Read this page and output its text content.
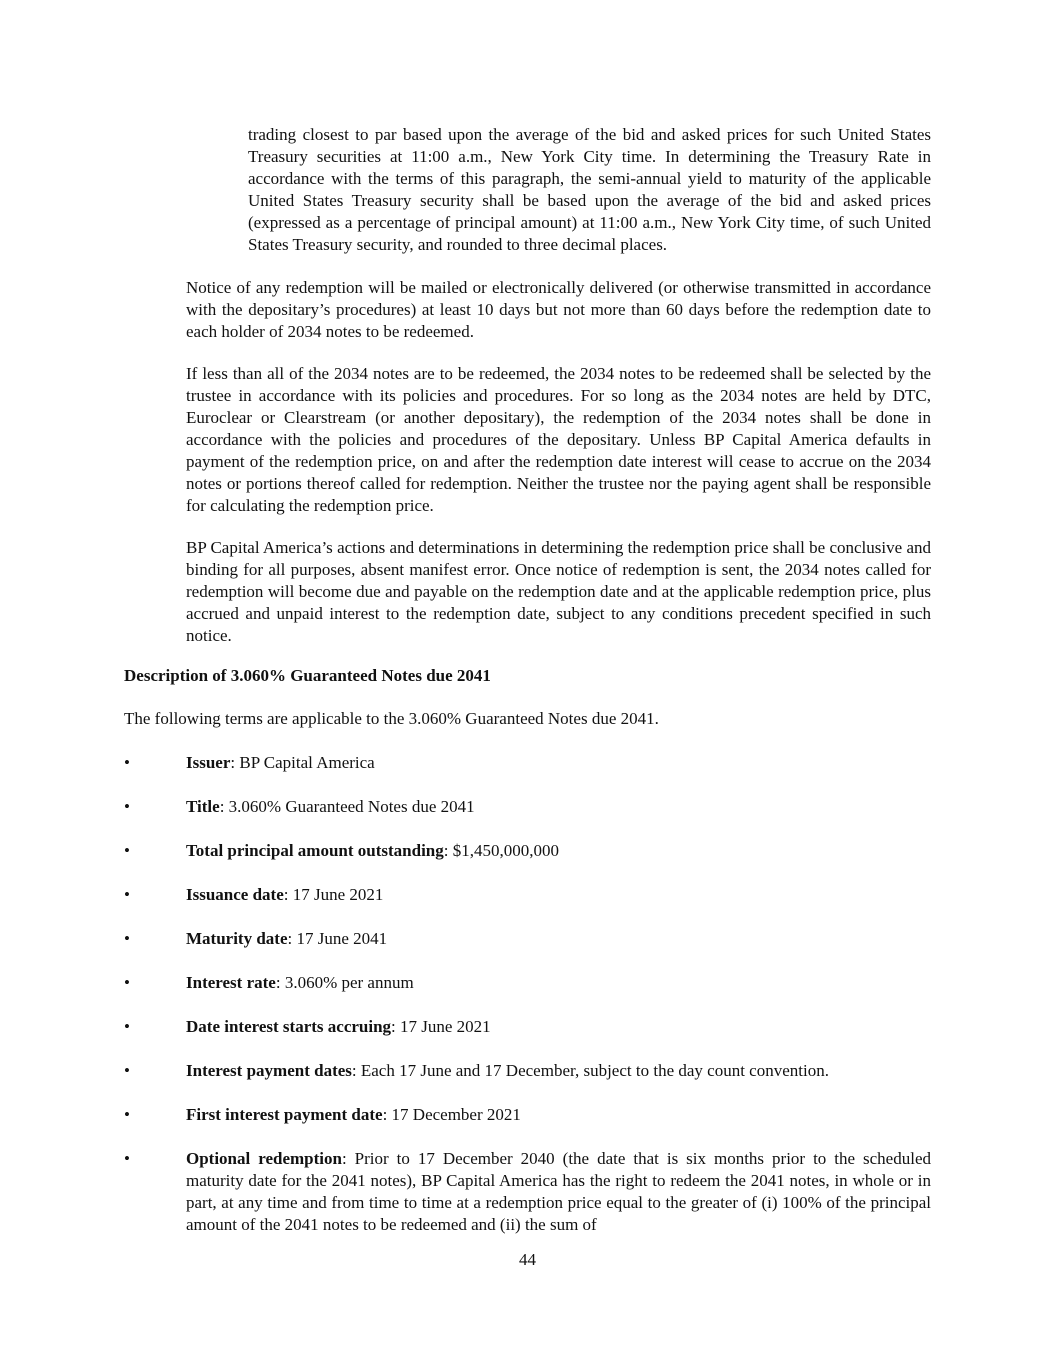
trading closest to par based upon the average of the bid and asked prices for such United States Treasury securities at 11:00 a.m., New York City time. In determining the Treasury Rate in accordance with the terms of this paragraph, the semi-annual yield to maturity of the applicable United States Treasury security shall be based upon the average of the bid and asked prices (expressed as a percentage of principal amount) at 11:00 a.m., New York City time, of such United States Treasury security, and rounded to three decimal places.

Notice of any redemption will be mailed or electronically delivered (or otherwise transmitted in accordance with the depositary’s procedures) at least 10 days but not more than 60 days before the redemption date to each holder of 2034 notes to be redeemed.

If less than all of the 2034 notes are to be redeemed, the 2034 notes to be redeemed shall be selected by the trustee in accordance with its policies and procedures. For so long as the 2034 notes are held by DTC, Euroclear or Clearstream (or another depositary), the redemption of the 2034 notes shall be done in accordance with the policies and procedures of the depositary. Unless BP Capital America defaults in payment of the redemption price, on and after the redemption date interest will cease to accrue on the 2034 notes or portions thereof called for redemption. Neither the trustee nor the paying agent shall be responsible for calculating the redemption price.

BP Capital America’s actions and determinations in determining the redemption price shall be conclusive and binding for all purposes, absent manifest error. Once notice of redemption is sent, the 2034 notes called for redemption will become due and payable on the redemption date and at the applicable redemption price, plus accrued and unpaid interest to the redemption date, subject to any conditions precedent specified in such notice.

Description of 3.060% Guaranteed Notes due 2041

The following terms are applicable to the 3.060% Guaranteed Notes due 2041.

•	Issuer: BP Capital America

•	Title: 3.060% Guaranteed Notes due 2041

•	Total principal amount outstanding: $1,450,000,000

•	Issuance date: 17 June 2021

•	Maturity date: 17 June 2041

•	Interest rate: 3.060% per annum

•	Date interest starts accruing: 17 June 2021

•	Interest payment dates: Each 17 June and 17 December, subject to the day count convention.

•	First interest payment date: 17 December 2021

•	Optional redemption: Prior to 17 December 2040 (the date that is six months prior to the scheduled maturity date for the 2041 notes), BP Capital America has the right to redeem the 2041 notes, in whole or in part, at any time and from time to time at a redemption price equal to the greater of (i) 100% of the principal amount of the 2041 notes to be redeemed and (ii) the sum of

44
